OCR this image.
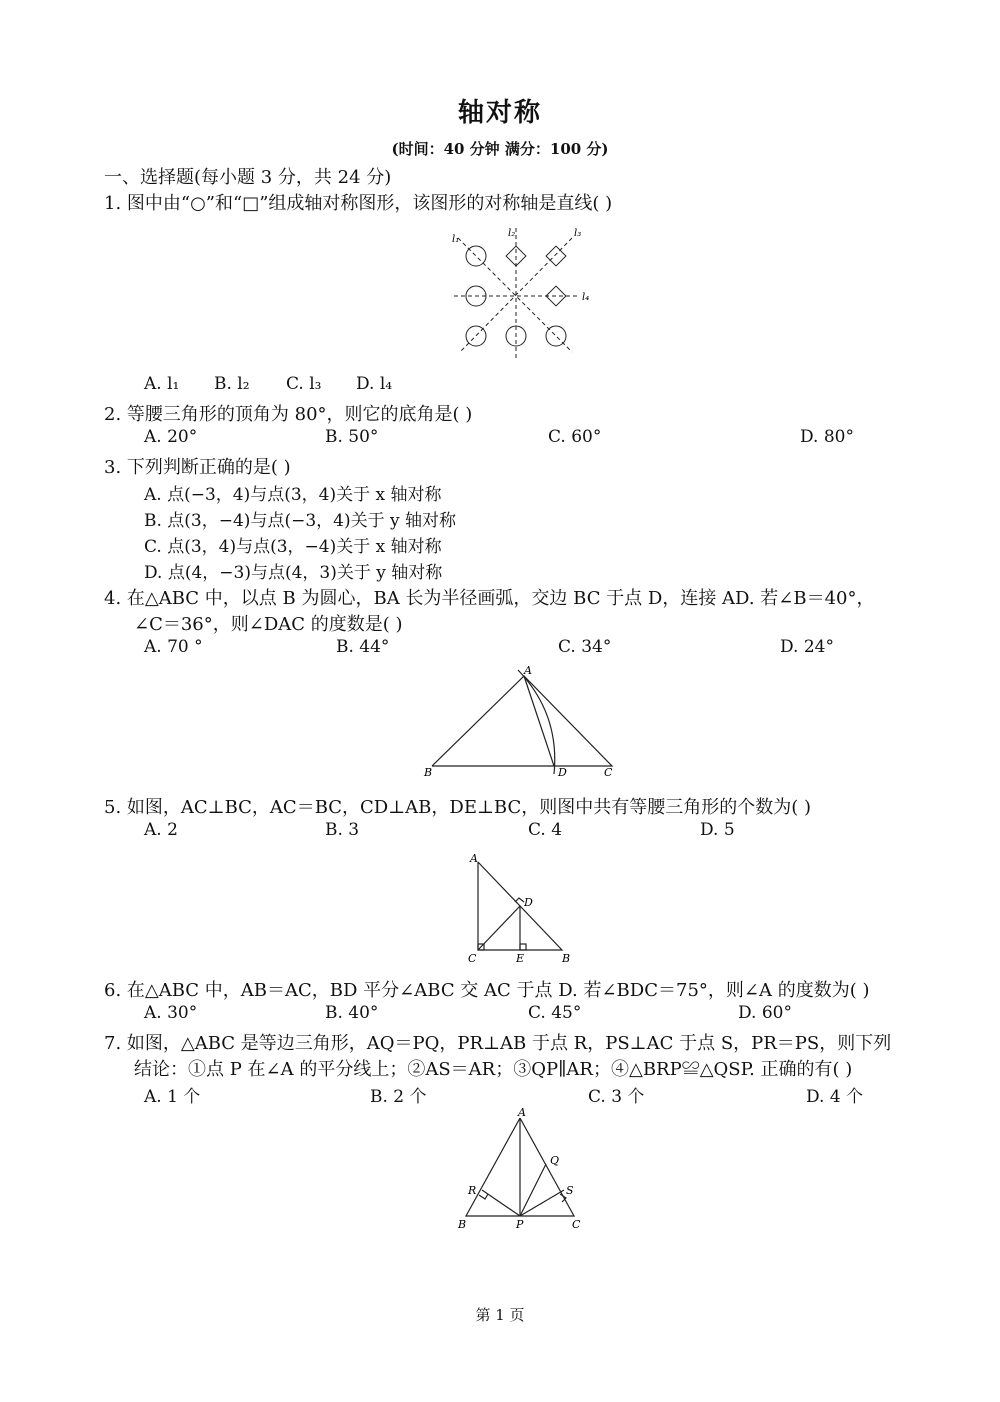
轴对称
(时间：40 分钟 满分：100 分)
一、选择题(每小题 3 分，共 24 分)
1. 图中由“○”和“□”组成轴对称图形，该图形的对称轴是直线( )
l₁
l₂	l₃
l₄
A. l₁ B. l₂ C. l₃ D. l₄
2. 等腰三角形的顶角为 80°，则它的底角是( )
A. 20°	B. 50°	C. 60°	D. 80°
3. 下列判断正确的是( )
A. 点(−3，4)与点(3，4)关于 x 轴对称
B. 点(3，−4)与点(−3，4)关于 y 轴对称
C. 点(3，4)与点(3，−4)关于 x 轴对称
D. 点(4，−3)与点(4，3)关于 y 轴对称
4. 在△ABC 中，以点 B 为圆心，BA 长为半径画弧，交边 BC 于点 D，连接 AD. 若∠B＝40°，
∠C＝36°，则∠DAC 的度数是( )
A. 70 °	B. 44°	C. 34°	D. 24°
A
B	D	C
5. 如图，AC⊥BC，AC＝BC，CD⊥AB，DE⊥BC，则图中共有等腰三角形的个数为( )
A. 2	B. 3	C. 4	D. 5
A
D
C	E	B
6. 在△ABC 中，AB＝AC，BD 平分∠ABC 交 AC 于点 D. 若∠BDC＝75°，则∠A 的度数为( )
A. 30°	B. 40°	C. 45°	D. 60°
7. 如图，△ABC 是等边三角形，AQ＝PQ，PR⊥AB 于点 R，PS⊥AC 于点 S，PR＝PS，则下列
结论：①点 P 在∠A 的平分线上；②AS＝AR；③QP∥AR；④△BRP≌△QSP. 正确的有( )
A. 1 个	B. 2 个	C. 3 个	D. 4 个
A
Q
R	S
B	P	C
第 1 页
